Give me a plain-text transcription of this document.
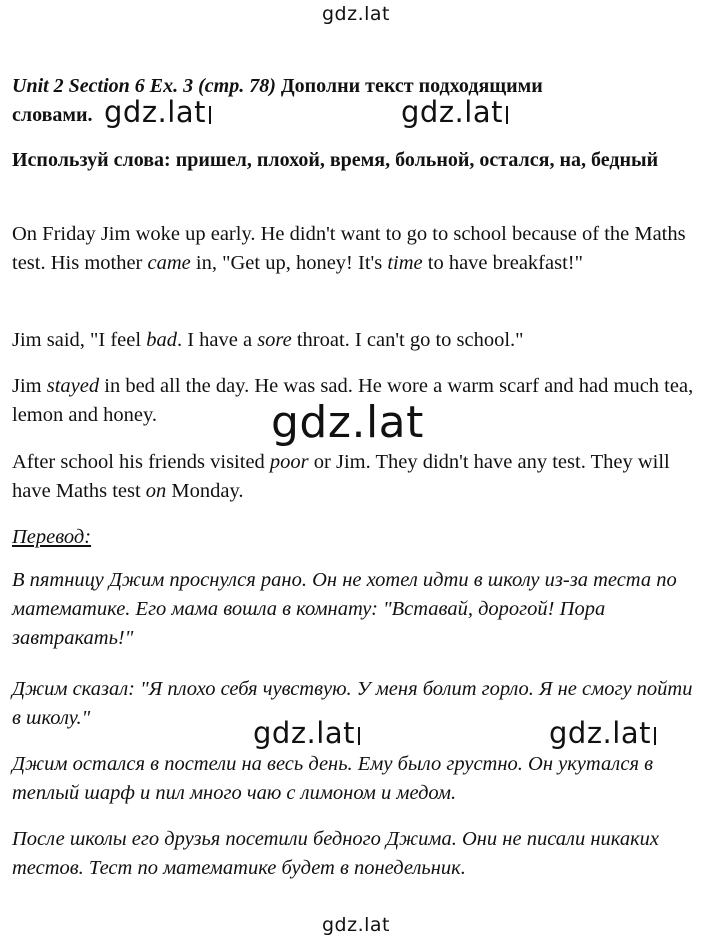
gdz.lat

Unit 2 Section 6 Ex. 3 (стр. 78) Дополни текст подходящими
словами. gdz.lat	gdz.lat

Используй слова: пришел, плохой, время, больной, остался, на, бедный

On Friday Jim woke up early. He didn't want to go to school because of the Maths test. His mother came in, "Get up, honey! It's time to have breakfast!"

Jim said, "I feel bad. I have a sore throat. I can't go to school."

Jim stayed in bed all the day. He was sad. He wore a warm scarf and had much tea, lemon and honey.	gdz.lat

After school his friends visited poor or Jim. They didn't have any test. They will have Maths test on Monday.

Перевод:

В пятницу Джим проснулся рано. Он не хотел идти в школу из-за теста по математике. Его мама вошла в комнату: "Вставай, дорогой! Пора завтракать!"

Джим сказал: "Я плохо себя чувствую. У меня болит горло. Я не смогу пойти в школу."	gdz.lat	gdz.lat

Джим остался в постели на весь день. Ему было грустно. Он укутался в теплый шарф и пил много чаю с лимоном и медом.

После школы его друзья посетили бедного Джима. Они не писали никаких тестов. Тест по математике будет в понедельник.

gdz.lat
